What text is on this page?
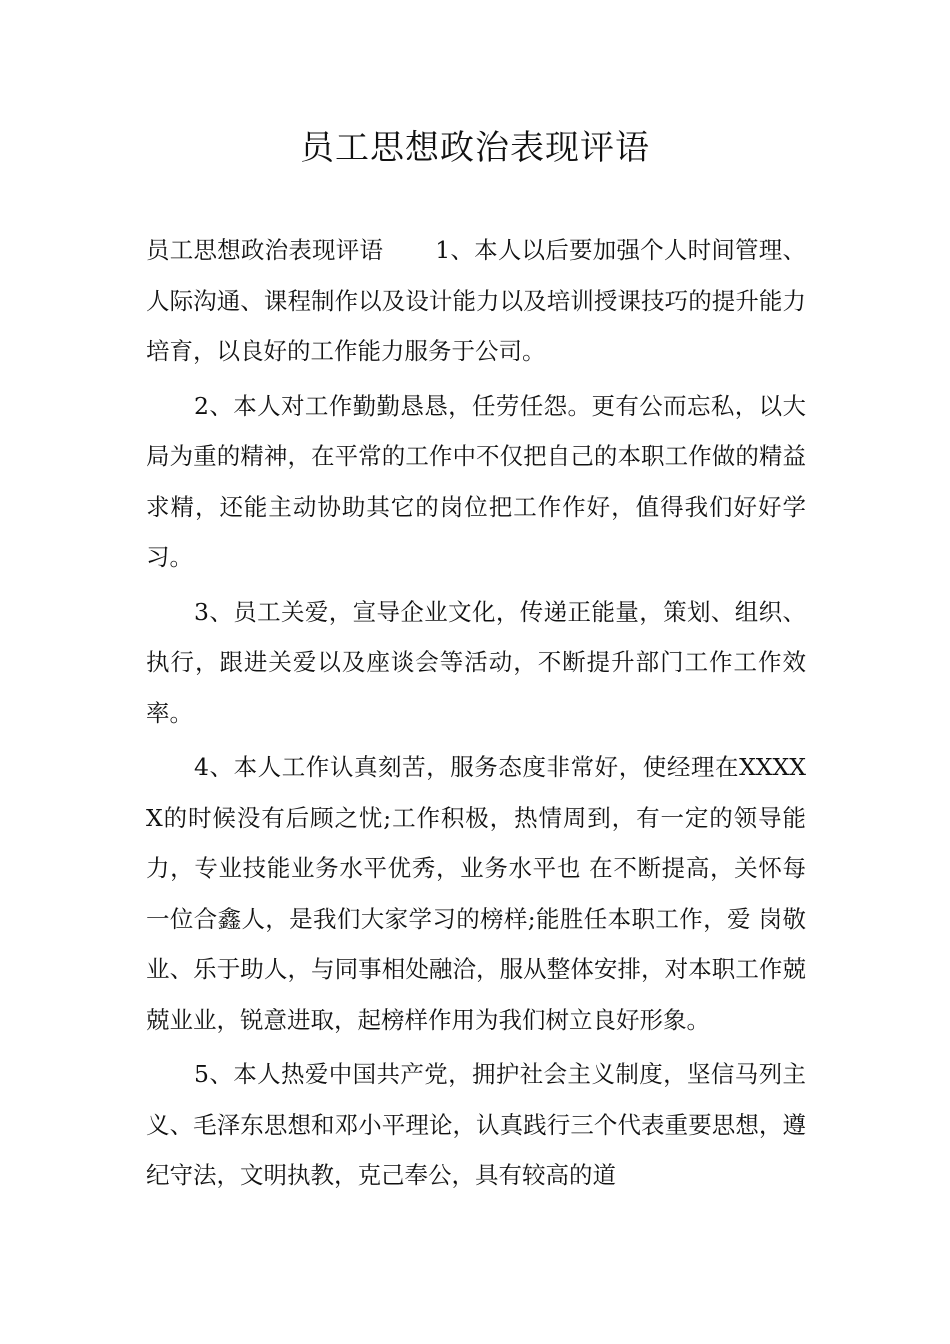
员工思想政治表现评语

员工思想政治表现评语 1、本人以后要加强个人时间管理、人际沟通、课程制作以及设计能力以及培训授课技巧的提升能力培育，以良好的工作能力服务于公司。

2、本人对工作勤勤恳恳，任劳任怨。更有公而忘私，以大局为重的精神，在平常的工作中不仅把自己的本职工作做的精益求精，还能主动协助其它的岗位把工作作好，值得我们好好学习。

3、员工关爱，宣导企业文化，传递正能量，策划、组织、执行，跟进关爱以及座谈会等活动，不断提升部门工作工作效率。

4、本人工作认真刻苦，服务态度非常好，使经理在XXXXX的时候没有后顾之忧;工作积极，热情周到，有一定的领导能力，专业技能业务水平优秀，业务水平也 在不断提高，关怀每一位合鑫人，是我们大家学习的榜样;能胜任本职工作，爱 岗敬业、乐于助人，与同事相处融洽，服从整体安排，对本职工作兢兢业业，锐意进取，起榜样作用为我们树立良好形象。

5、本人热爱中国共产党，拥护社会主义制度，坚信马列主义、毛泽东思想和邓小平理论，认真践行三个代表重要思想，遵纪守法，文明执教，克己奉公，具有较高的道
